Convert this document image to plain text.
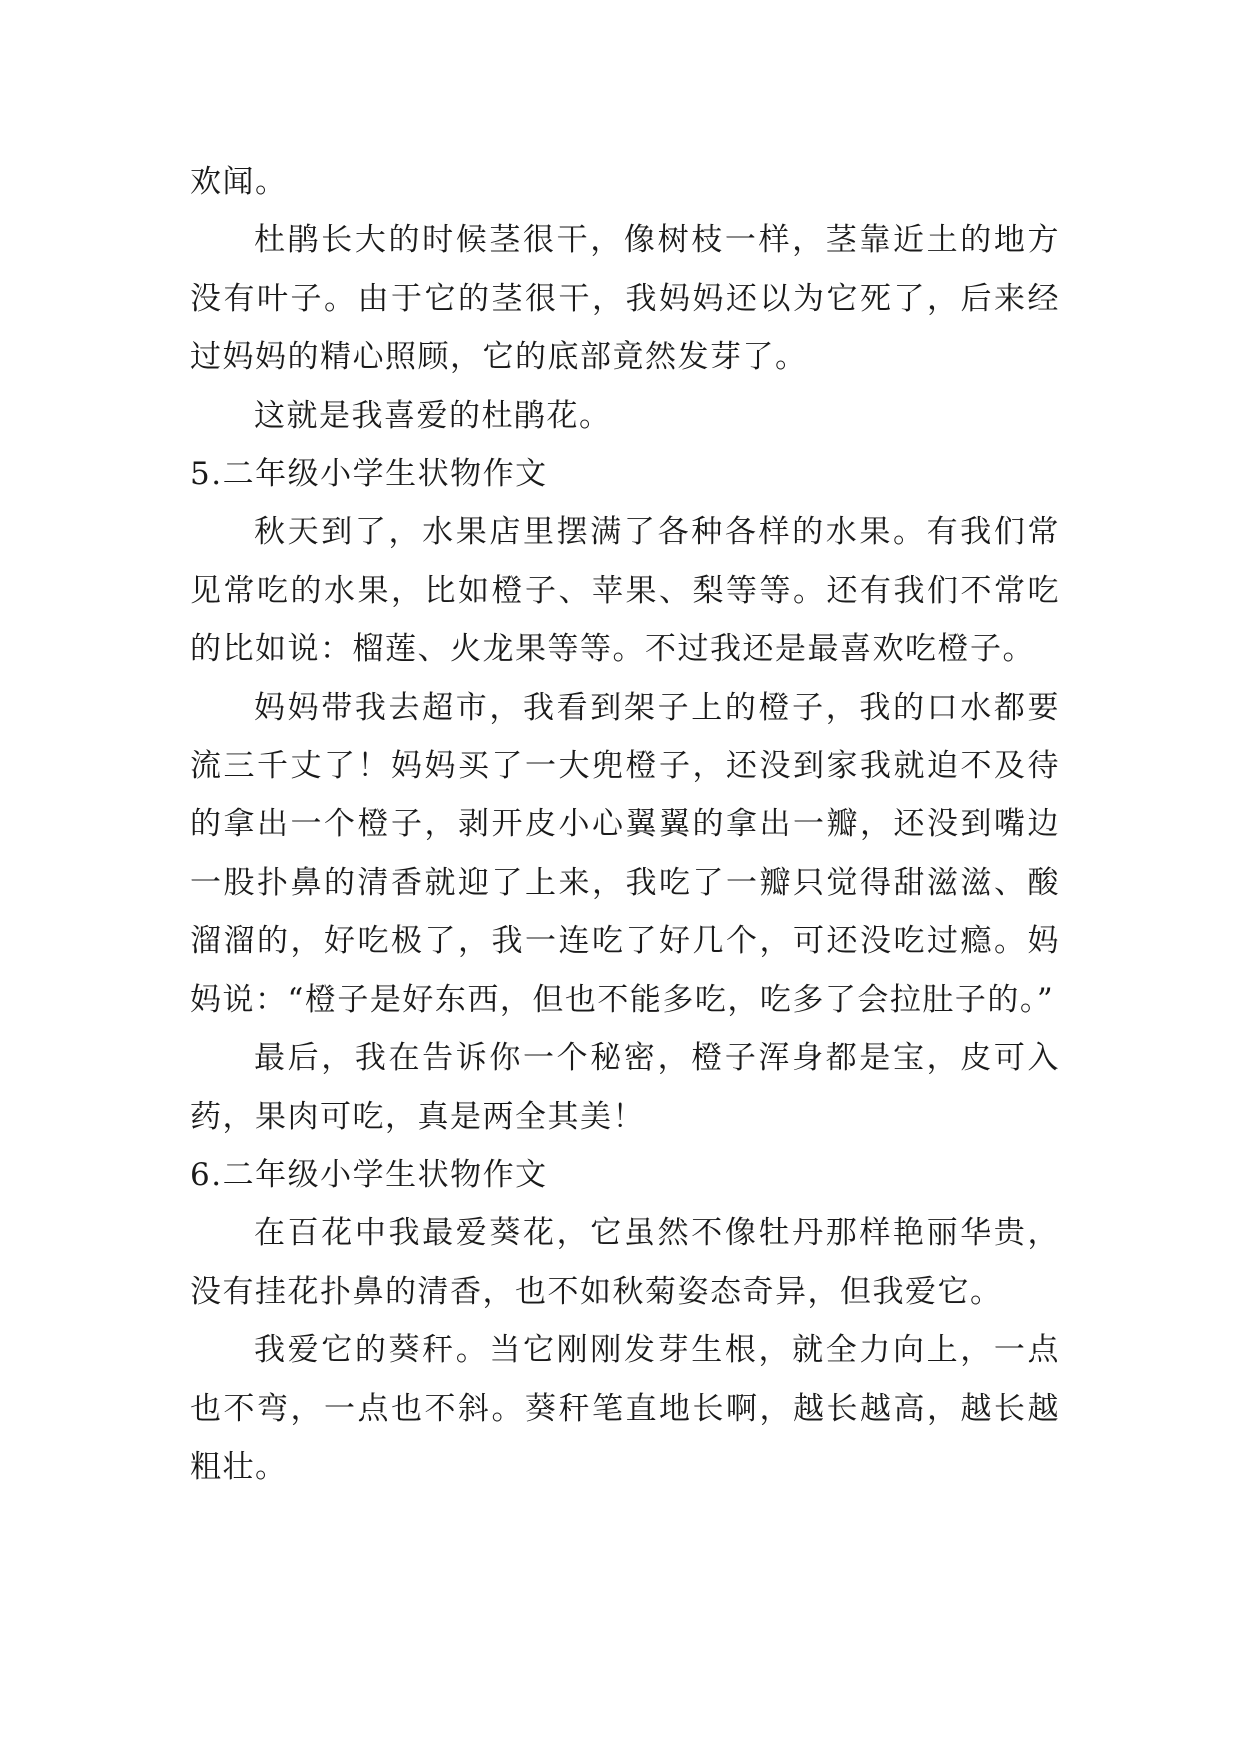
欢闻。

杜鹃长大的时候茎很干，像树枝一样，茎靠近土的地方没有叶子。由于它的茎很干，我妈妈还以为它死了，后来经过妈妈的精心照顾，它的底部竟然发芽了。

这就是我喜爱的杜鹃花。

5.二年级小学生状物作文

秋天到了，水果店里摆满了各种各样的水果。有我们常见常吃的水果，比如橙子、苹果、梨等等。还有我们不常吃的比如说：榴莲、火龙果等等。不过我还是最喜欢吃橙子。

妈妈带我去超市，我看到架子上的橙子，我的口水都要流三千丈了！妈妈买了一大兜橙子，还没到家我就迫不及待的拿出一个橙子，剥开皮小心翼翼的拿出一瓣，还没到嘴边一股扑鼻的清香就迎了上来，我吃了一瓣只觉得甜滋滋、酸溜溜的，好吃极了，我一连吃了好几个，可还没吃过瘾。妈妈说：“橙子是好东西，但也不能多吃，吃多了会拉肚子的。”

最后，我在告诉你一个秘密，橙子浑身都是宝，皮可入药，果肉可吃，真是两全其美！

6.二年级小学生状物作文

在百花中我最爱葵花，它虽然不像牡丹那样艳丽华贵，没有挂花扑鼻的清香，也不如秋菊姿态奇异，但我爱它。

我爱它的葵秆。当它刚刚发芽生根，就全力向上，一点也不弯，一点也不斜。葵秆笔直地长啊，越长越高，越长越粗壮。
